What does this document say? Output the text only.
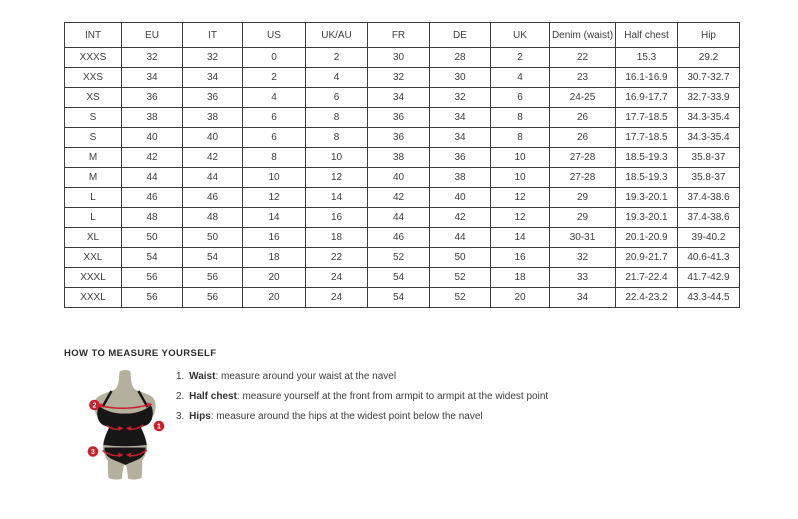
INT	EU	IT	US	UK/AU	FR	DE	UK	Denim (waist)	Half chest	Hip
XXXS	32	32	0	2	30	28	2	22	15.3	29.2
XXS	34	34	2	4	32	30	4	23	16.1-16.9	30.7-32.7
XS	36	36	4	6	34	32	6	24-25	16.9-17.7	32.7-33.9
S	38	38	6	8	36	34	8	26	17.7-18.5	34.3-35.4
S	40	40	6	8	36	34	8	26	17.7-18.5	34.3-35.4
M	42	42	8	10	38	36	10	27-28	18.5-19.3	35.8-37
M	44	44	10	12	40	38	10	27-28	18.5-19.3	35.8-37
L	46	46	12	14	42	40	12	29	19.3-20.1	37.4-38.6
L	48	48	14	16	44	42	12	29	19.3-20.1	37.4-38.6
XL	50	50	16	18	46	44	14	30-31	20.1-20.9	39-40.2
XXL	54	54	18	22	52	50	16	32	20.9-21.7	40.6-41.3
XXXL	56	56	20	24	54	52	18	33	21.7-22.4	41.7-42.9
XXXL	56	56	20	24	54	52	20	34	22.4-23.2	43.3-44.5
HOW TO MEASURE YOURSELF
2
1
3

1. Waist: measure around your waist at the navel

2. Half chest: measure yourself at the front from armpit to armpit at the widest point

3. Hips: measure around the hips at the widest point below the navel
